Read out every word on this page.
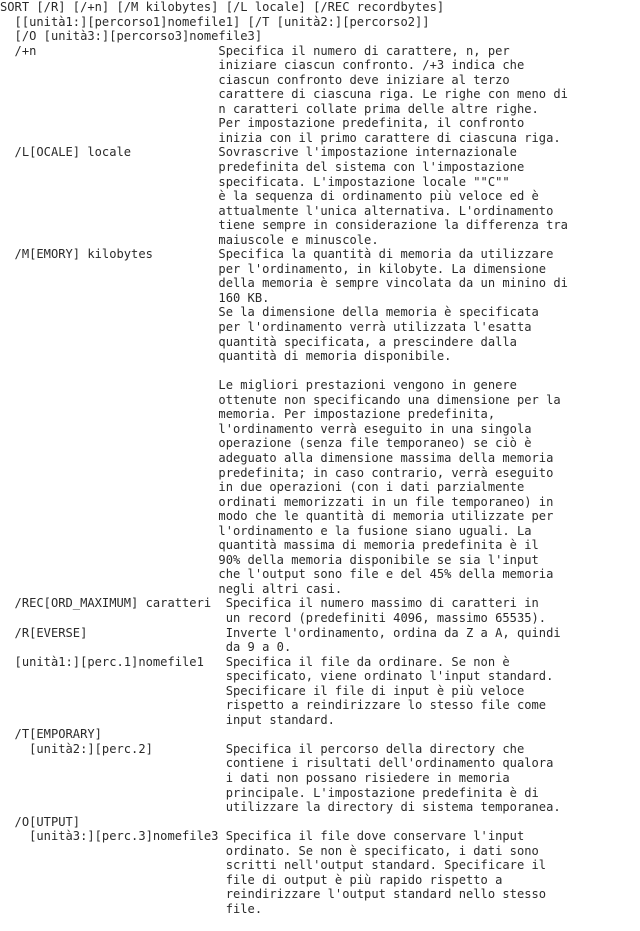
SORT [/R] [/+n] [/M kilobytes] [/L locale] [/REC recordbytes]
[[unità1:][percorso1]nomefile1] [/T [unità2:][percorso2]]
[/O [unità3:][percorso3]nomefile3]
/+n                         Specifica il numero di carattere, n, per
iniziare ciascun confronto. /+3 indica che
ciascun confronto deve iniziare al terzo
carattere di ciascuna riga. Le righe con meno di
n caratteri collate prima delle altre righe.
Per impostazione predefinita, il confronto
inizia con il primo carattere di ciascuna riga.
/L[OCALE] locale            Sovrascrive l'impostazione internazionale
predefinita del sistema con l'impostazione
specificata. L'impostazione locale ""C""
è la sequenza di ordinamento più veloce ed è
attualmente l'unica alternativa. L'ordinamento
tiene sempre in considerazione la differenza tra
maiuscole e minuscole.
/M[EMORY] kilobytes         Specifica la quantità di memoria da utilizzare
per l'ordinamento, in kilobyte. La dimensione
della memoria è sempre vincolata da un minino di
160 KB.
Se la dimensione della memoria è specificata
per l'ordinamento verrà utilizzata l'esatta
quantità specificata, a prescindere dalla
quantità di memoria disponibile.
Le migliori prestazioni vengono in genere
ottenute non specificando una dimensione per la
memoria. Per impostazione predefinita,
l'ordinamento verrà eseguito in una singola
operazione (senza file temporaneo) se ciò è
adeguato alla dimensione massima della memoria
predefinita; in caso contrario, verrà eseguito
in due operazioni (con i dati parzialmente
ordinati memorizzati in un file temporaneo) in
modo che le quantità di memoria utilizzate per
l'ordinamento e la fusione siano uguali. La
quantità massima di memoria predefinita è il
90% della memoria disponibile se sia l'input
che l'output sono file e del 45% della memoria
negli altri casi.
/REC[ORD_MAXIMUM] caratteri  Specifica il numero massimo di caratteri in
un record (predefiniti 4096, massimo 65535).
/R[EVERSE]                   Inverte l'ordinamento, ordina da Z a A, quindi
da 9 a 0.
[unità1:][perc.1]nomefile1   Specifica il file da ordinare. Se non è
specificato, viene ordinato l'input standard.
Specificare il file di input è più veloce
rispetto a reindirizzare lo stesso file come
input standard.
/T[EMPORARY]
[unità2:][perc.2]          Specifica il percorso della directory che
contiene i risultati dell'ordinamento qualora
i dati non possano risiedere in memoria
principale. L'impostazione predefinita è di
utilizzare la directory di sistema temporanea.
/O[UTPUT]
[unità3:][perc.3]nomefile3 Specifica il file dove conservare l'input
ordinato. Se non è specificato, i dati sono
scritti nell'output standard. Specificare il
file di output è più rapido rispetto a
reindirizzare l'output standard nello stesso
file.
